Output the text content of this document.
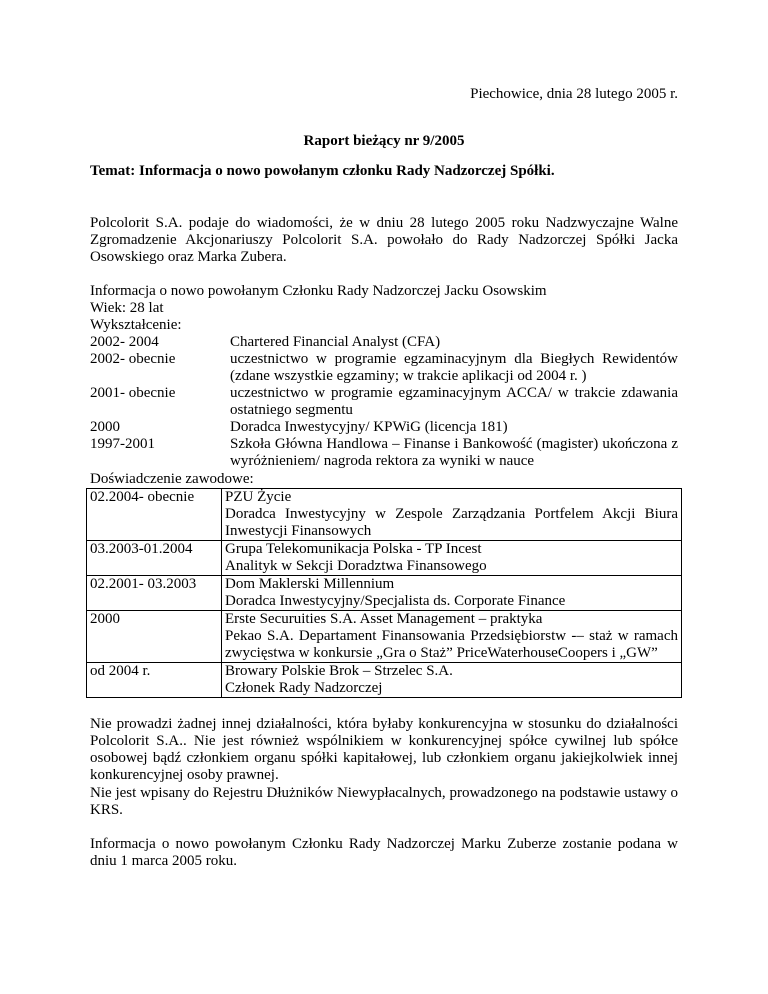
Piechowice, dnia 28 lutego 2005 r.
Raport bieżący nr 9/2005
Temat: Informacja o nowo powołanym członku Rady Nadzorczej Spółki.
Polcolorit S.A. podaje do wiadomości, że w dniu 28 lutego 2005 roku Nadzwyczajne Walne Zgromadzenie Akcjonariuszy Polcolorit S.A. powołało do Rady Nadzorczej Spółki Jacka Osowskiego oraz Marka Zubera.
Informacja o nowo powołanym Członku Rady Nadzorczej Jacku Osowskim
Wiek: 28 lat
Wykształcenie:
2002- 2004	Chartered Financial Analyst (CFA)
2002- obecnie	uczestnictwo w programie egzaminacyjnym dla Biegłych Rewidentów (zdane wszystkie egzaminy; w trakcie aplikacji od 2004 r. )
2001- obecnie	uczestnictwo w programie egzaminacyjnym ACCA/ w trakcie zdawania ostatniego segmentu
2000	Doradca Inwestycyjny/ KPWiG (licencja 181)
1997-2001	Szkoła Główna Handlowa – Finanse i Bankowość (magister) ukończona z wyróżnieniem/ nagroda rektora za wyniki w nauce
Doświadczenie zawodowe:
02.2004- obecnie	PZU Życie
Doradca Inwestycyjny w Zespole Zarządzania Portfelem Akcji Biura Inwestycji Finansowych

03.2003-01.2004	Grupa Telekomunikacja Polska - TP Incest
Analityk w Sekcji Doradztwa Finansowego

02.2001- 03.2003	Dom Maklerski Millennium
Doradca Inwestycyjny/Specjalista ds. Corporate Finance

2000	Erste Securuities S.A. Asset Management – praktyka
Pekao S.A. Departament Finansowania Przedsiębiorstw -– staż w ramach zwycięstwa w konkursie „Gra o Staż” PriceWaterhouseCoopers i „GW”

od 2004 r.	Browary Polskie Brok – Strzelec S.A.
Członek Rady Nadzorczej
Nie prowadzi żadnej innej działalności, która byłaby konkurencyjna w stosunku do działalności Polcolorit S.A.. Nie jest również wspólnikiem w konkurencyjnej spółce cywilnej lub spółce osobowej bądź członkiem organu spółki kapitałowej, lub członkiem organu jakiejkolwiek innej konkurencyjnej osoby prawnej.
Nie jest wpisany do Rejestru Dłużników Niewypłacalnych, prowadzonego na podstawie ustawy o KRS.
Informacja o nowo powołanym Członku Rady Nadzorczej Marku Zuberze zostanie podana w dniu 1 marca 2005 roku.
